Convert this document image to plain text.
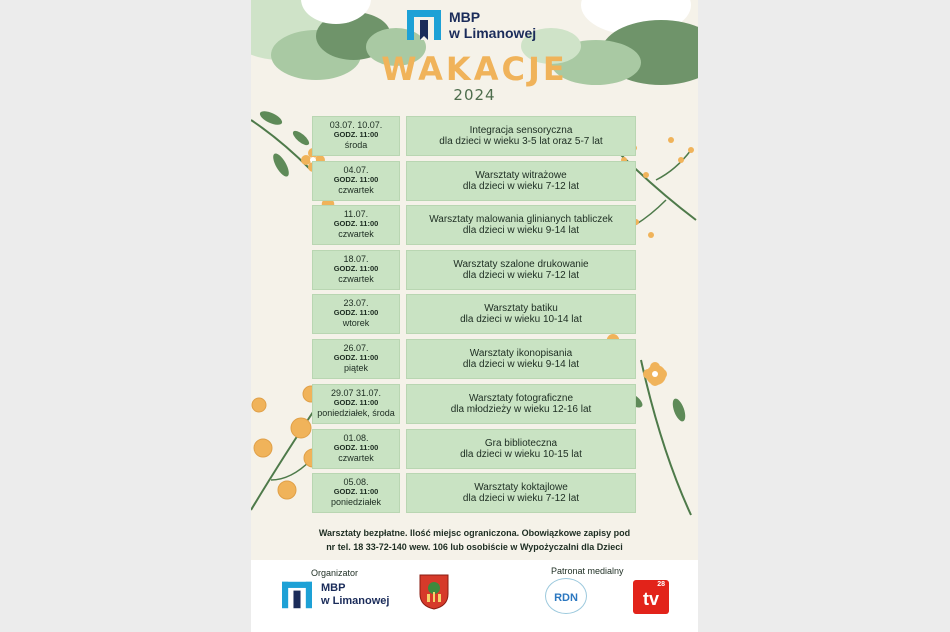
MBP
w Limanowej
WAKACJE
2024
03.07. 10.07.
GODZ. 11:00
środa
Integracja sensoryczna
dla dzieci w wieku 3-5 lat oraz 5-7 lat
04.07.
GODZ. 11:00
czwartek
Warsztaty witrażowe
dla dzieci w wieku 7-12 lat
11.07.
GODZ. 11:00
czwartek
Warsztaty malowania glinianych tabliczek
dla dzieci w wieku 9-14 lat
18.07.
GODZ. 11:00
czwartek
Warsztaty szalone drukowanie
dla dzieci w wieku 7-12 lat
23.07.
GODZ. 11:00
wtorek
Warsztaty batiku
dla dzieci w wieku 10-14 lat
26.07.
GODZ. 11:00
piątek
Warsztaty ikonopisania
dla dzieci w wieku 9-14 lat
29.07 31.07.
GODZ. 11:00
poniedziałek, środa
Warsztaty fotograficzne
dla młodzieży w wieku 12-16 lat
01.08.
GODZ. 11:00
czwartek
Gra biblioteczna
dla dzieci w wieku 10-15 lat
05.08.
GODZ. 11:00
poniedziałek
Warsztaty koktajlowe
dla dzieci w wieku 7-12 lat
Warsztaty bezpłatne. Ilość miejsc ograniczona. Obowiązkowe zapisy pod
nr tel. 18 33-72-140 wew. 106 lub osobiście w Wypożyczalni dla Dzieci
Organizator
MBP
w Limanowej
Patronat medialny
RDN
28
tv
